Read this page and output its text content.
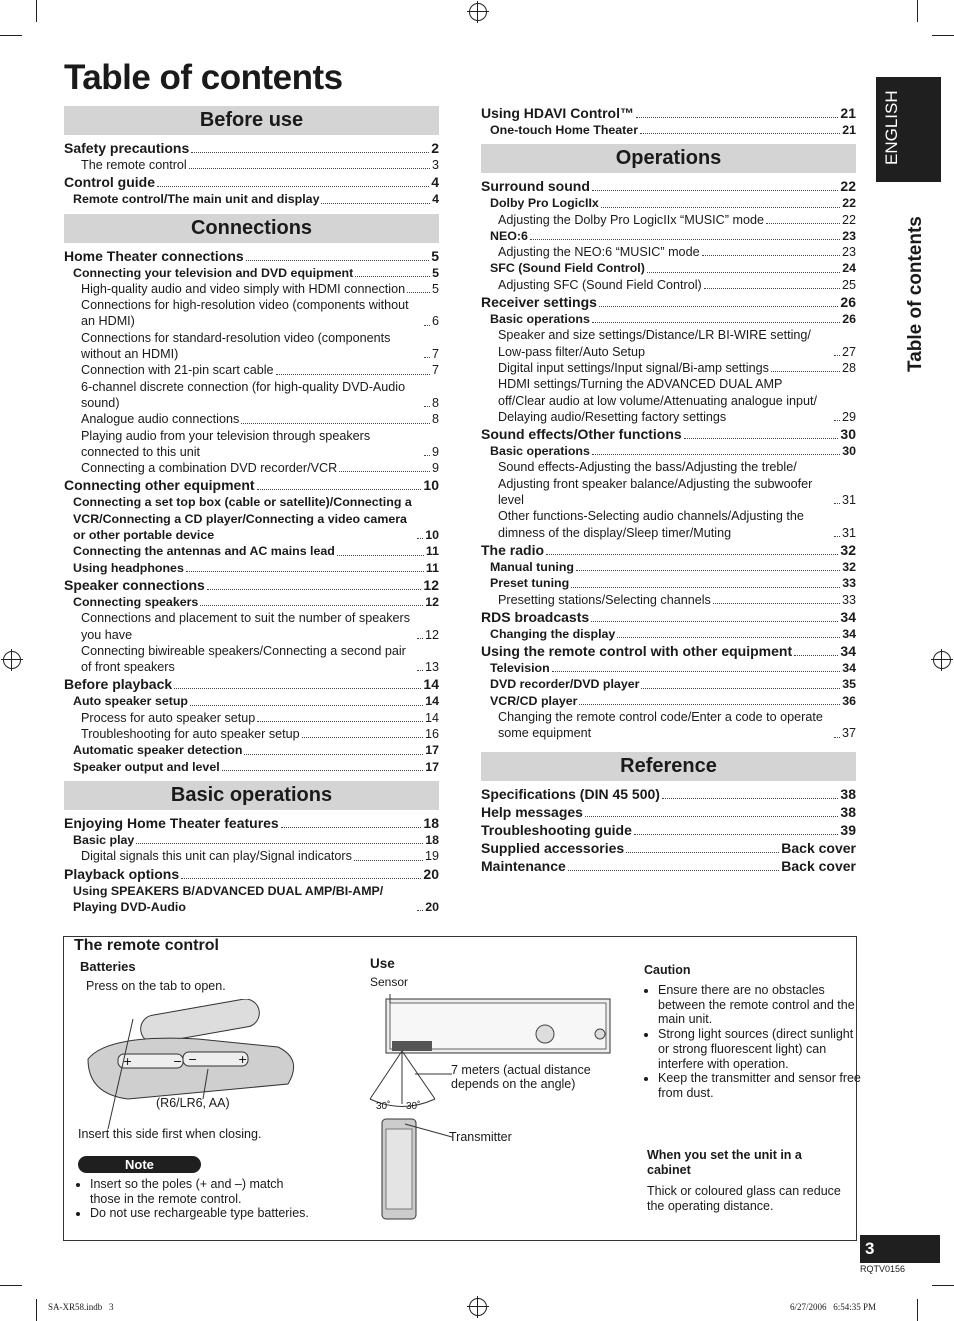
Table of contents
ENGLISH
Table of contents
Before use
Safety precautions	2
The remote control	3
Control guide	4
Remote control/The main unit and display	4
Connections
Home Theater connections	5
Connecting your television and DVD equipment	5
High-quality audio and video simply with HDMI connection 5
Connections for high-resolution video (components without an HDMI)	6
Connections for standard-resolution video (components without an HDMI)	7
Connection with 21-pin scart cable	7
6-channel discrete connection (for high-quality DVD-Audio sound)	8
Analogue audio connections	8
Playing audio from your television through speakers connected to this unit	9
Connecting a combination DVD recorder/VCR	9
Connecting other equipment	10
Connecting a set top box (cable or satellite)/Connecting a VCR/Connecting a CD player/Connecting a video camera or other portable device	10
Connecting the antennas and AC mains lead	11
Using headphones	11
Speaker connections	12
Connecting speakers	12
Connections and placement to suit the number of speakers you have	12
Connecting biwireable speakers/Connecting a second pair of front speakers	13
Before playback	14
Auto speaker setup	14
Process for auto speaker setup	14
Troubleshooting for auto speaker setup	16
Automatic speaker detection	17
Speaker output and level	17
Basic operations
Enjoying Home Theater features	18
Basic play	18
Digital signals this unit can play/Signal indicators	19
Playback options	20
Using SPEAKERS B/ADVANCED DUAL AMP/BI-AMP/ Playing DVD-Audio	20
Using HDAVI Control™	21
One-touch Home Theater	21
Operations
Surround sound	22
Dolby Pro LogicIIx	22
Adjusting the Dolby Pro LogicIIx “MUSIC” mode	22
NEO:6	23
Adjusting the NEO:6 “MUSIC” mode	23
SFC (Sound Field Control)	24
Adjusting SFC (Sound Field Control)	25
Receiver settings	26
Basic operations	26
Speaker and size settings/Distance/LR BI-WIRE setting/ Low-pass filter/Auto Setup	27
Digital input settings/Input signal/Bi-amp settings	28
HDMI settings/Turning the ADVANCED DUAL AMP off/Clear audio at low volume/Attenuating analogue input/ Delaying audio/Resetting factory settings	29
Sound effects/Other functions	30
Basic operations	30
Sound effects-Adjusting the bass/Adjusting the treble/ Adjusting front speaker balance/Adjusting the subwoofer level	31
Other functions-Selecting audio channels/Adjusting the dimness of the display/Sleep timer/Muting	31
The radio	32
Manual tuning	32
Preset tuning	33
Presetting stations/Selecting channels	33
RDS broadcasts	34
Changing the display	34
Using the remote control with other equipment	34
Television	34
DVD recorder/DVD player	35
VCR/CD player	36
Changing the remote control code/Enter a code to operate some equipment	37
Reference
Specifications (DIN 45 500)	38
Help messages	38
Troubleshooting guide	39
Supplied accessories	Back cover
Maintenance	Back cover
The remote control
Batteries
Press on the tab to open.
+	+
− −
(R6/LR6, AA)
Insert this side first when closing.
Note
• Insert so the poles (+ and –) match those in the remote control.
• Do not use rechargeable type batteries.
Use
Sensor
7 meters (actual distance depends on the angle)
30˚ 30˚
Transmitter
Caution
• Ensure there are no obstacles between the remote control and the main unit.
• Strong light sources (direct sunlight or strong fluorescent light) can interfere with operation.
• Keep the transmitter and sensor free from dust.
When you set the unit in a cabinet
Thick or coloured glass can reduce the operating distance.
3
RQTV0156
SA-XR58.indb   3	6/27/2006   6:54:35 PM
